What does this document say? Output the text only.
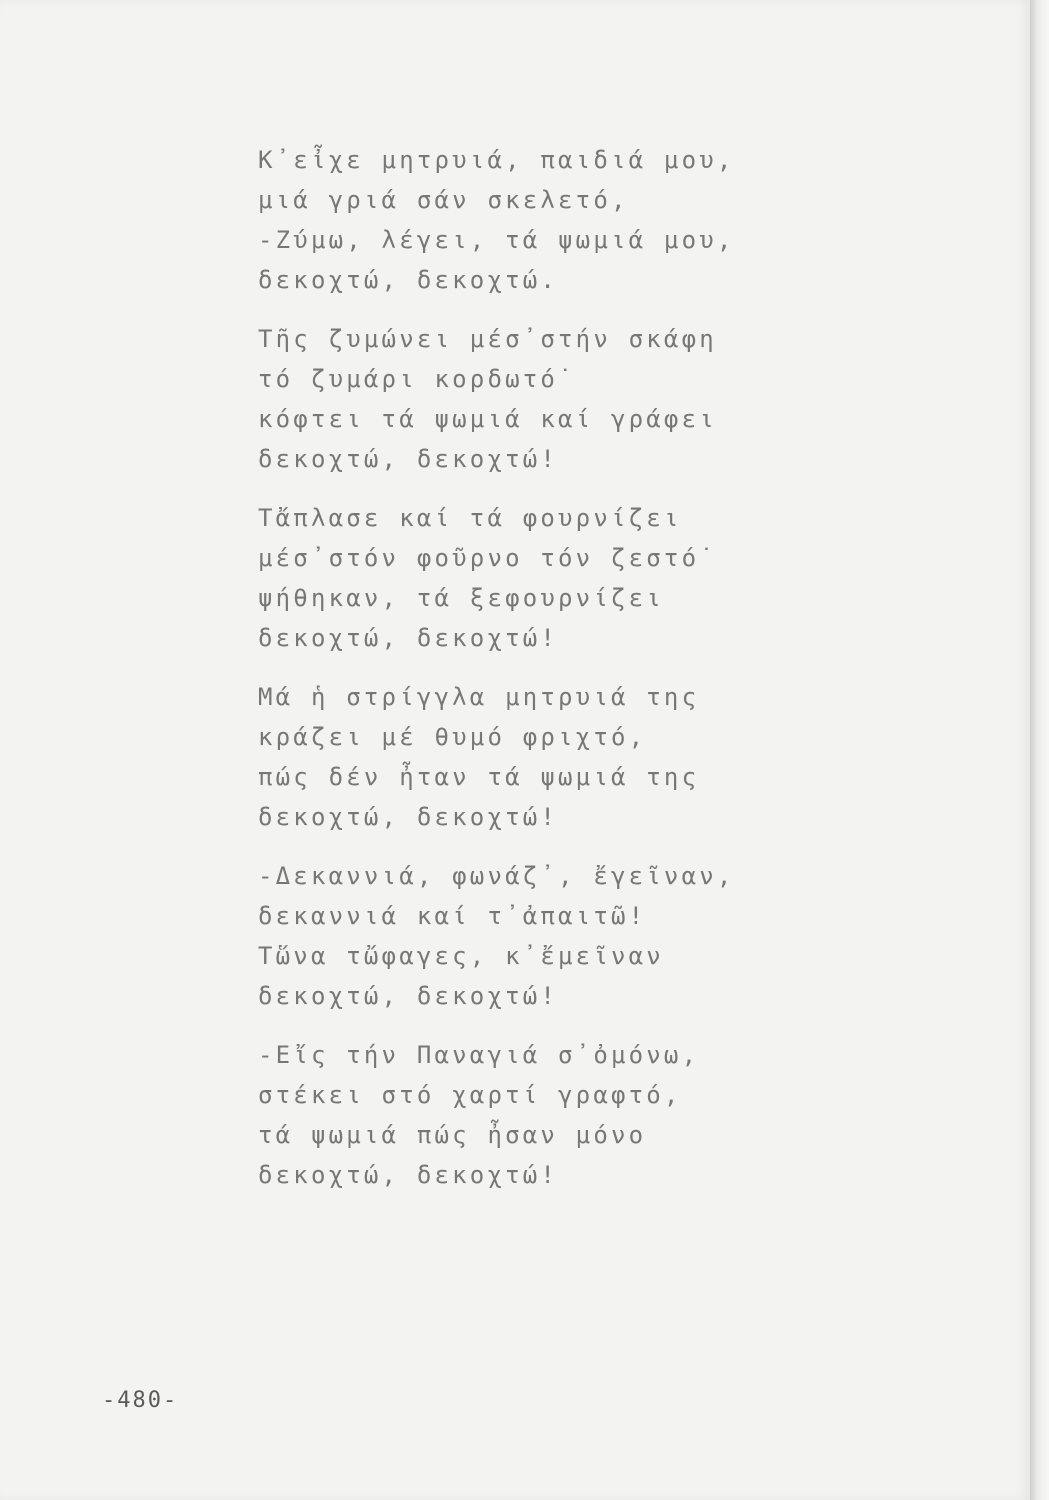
Κ᾽εἶχε μητρυιά, παιδιά μου,
μιά γριά σάν σκελετό,
-Ζύμω, λέγει, τά ψωμιά μου,
δεκοχτώ, δεκοχτώ.
Τῆς ζυμώνει μέσ᾽στήν σκάφη
τό ζυμάρι κορδωτό˙
κόφτει τά ψωμιά καί γράφει
δεκοχτώ, δεκοχτώ!
Τἄπλασε καί τά φουρνίζει
μέσ᾽στόν φοῦρνο τόν ζεστό˙
ψήθηκαν, τά ξεφουρνίζει
δεκοχτώ, δεκοχτώ!
Μά ἡ στρίγγλα μητρυιά της
κράζει μέ θυμό φριχτό,
πώς δέν ἦταν τά ψωμιά της
δεκοχτώ, δεκοχτώ!
-Δεκαννιά, φωνάζ᾽, ἔγεῖναν,
δεκαννιά καί τ᾽ἀπαιτῶ!
Τὥνα τὤφαγες, κ᾽ἔμεῖναν
δεκοχτώ, δεκοχτώ!
-Εἴς τήν Παναγιά σ᾽ὀμόνω,
στέκει στό χαρτί γραφτό,
τά ψωμιά πώς ἦσαν μόνο
δεκοχτώ, δεκοχτώ!
-480-
